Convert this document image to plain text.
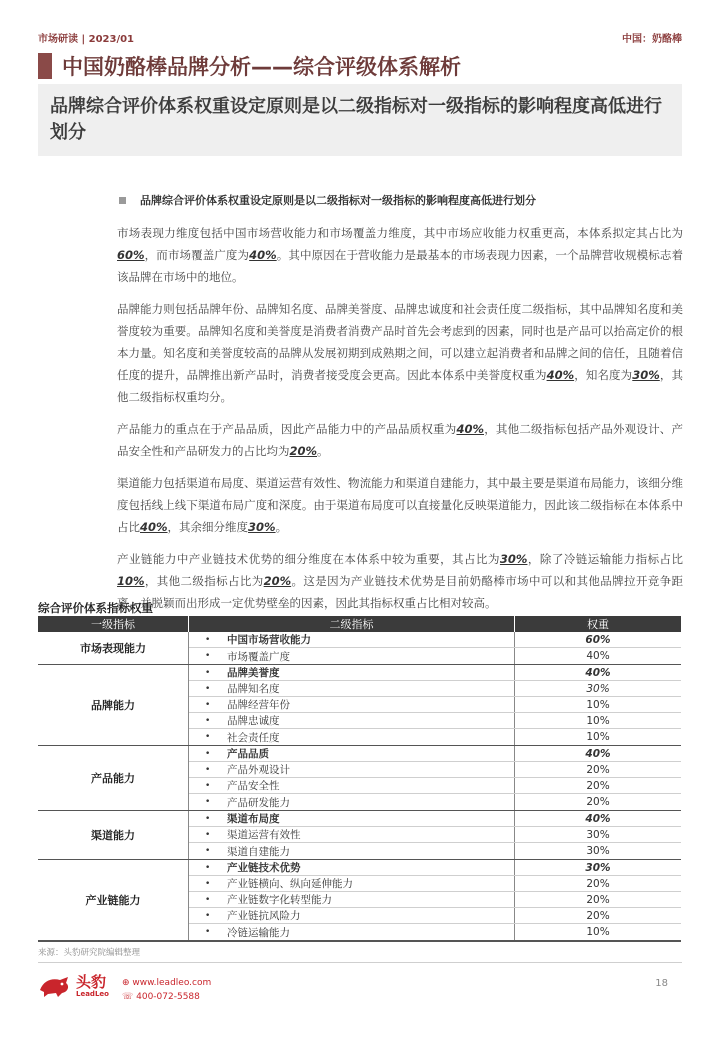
市场研读 | 2023/01	中国：奶酪棒
中国奶酪棒品牌分析——综合评级体系解析
品牌综合评价体系权重设定原则是以二级指标对一级指标的影响程度高低进行划分
品牌综合评价体系权重设定原则是以二级指标对一级指标的影响程度高低进行划分

市场表现力维度包括中国市场营收能力和市场覆盖力维度，其中市场应收能力权重更高，本体系拟定其占比为60%，而市场覆盖广度为40%。其中原因在于营收能力是最基本的市场表现力因素，一个品牌营收规模标志着该品牌在市场中的地位。

品牌能力则包括品牌年份、品牌知名度、品牌美誉度、品牌忠诚度和社会责任度二级指标，其中品牌知名度和美誉度较为重要。品牌知名度和美誉度是消费者消费产品时首先会考虑到的因素，同时也是产品可以抬高定价的根本力量。知名度和美誉度较高的品牌从发展初期到成熟期之间，可以建立起消费者和品牌之间的信任，且随着信任度的提升，品牌推出新产品时，消费者接受度会更高。因此本体系中美誉度权重为40%，知名度为30%，其他二级指标权重均分。

产品能力的重点在于产品品质，因此产品能力中的产品品质权重为40%，其他二级指标包括产品外观设计、产品安全性和产品研发力的占比均为20%。

渠道能力包括渠道布局度、渠道运营有效性、物流能力和渠道自建能力，其中最主要是渠道布局能力，该细分维度包括线上线下渠道布局广度和深度。由于渠道布局度可以直接量化反映渠道能力，因此该二级指标在本体系中占比40%，其余细分维度30%。

产业链能力中产业链技术优势的细分维度在本体系中较为重要，其占比为30%，除了冷链运输能力指标占比10%，其他二级指标占比为20%。这是因为产业链技术优势是目前奶酪棒市场中可以和其他品牌拉开竞争距离，并脱颖而出形成一定优势壁垒的因素，因此其指标权重占比相对较高。

综合评价体系指标权重
一级指标	二级指标	权重
市场表现能力
•	中国市场营收能力	60%
•	市场覆盖广度	40%
品牌能力
•	品牌美誉度	40%
•	品牌知名度	30%
•	品牌经营年份	10%
•	品牌忠诚度	10%
•	社会责任度	10%
产品能力
•	产品品质	40%
•	产品外观设计	20%
•	产品安全性	20%
•	产品研发能力	20%
渠道能力
•	渠道布局度	40%
•	渠道运营有效性	30%
•	渠道自建能力	30%
产业链能力
•	产业链技术优势	30%
•	产业链横向、纵向延伸能力	20%
•	产业链数字化转型能力	20%
•	产业链抗风险力	20%
•	冷链运输能力	10%
来源：头豹研究院编辑整理
头豹
LeadLeo
⊕ www.leadleo.com
☏ 400-072-5588
18
